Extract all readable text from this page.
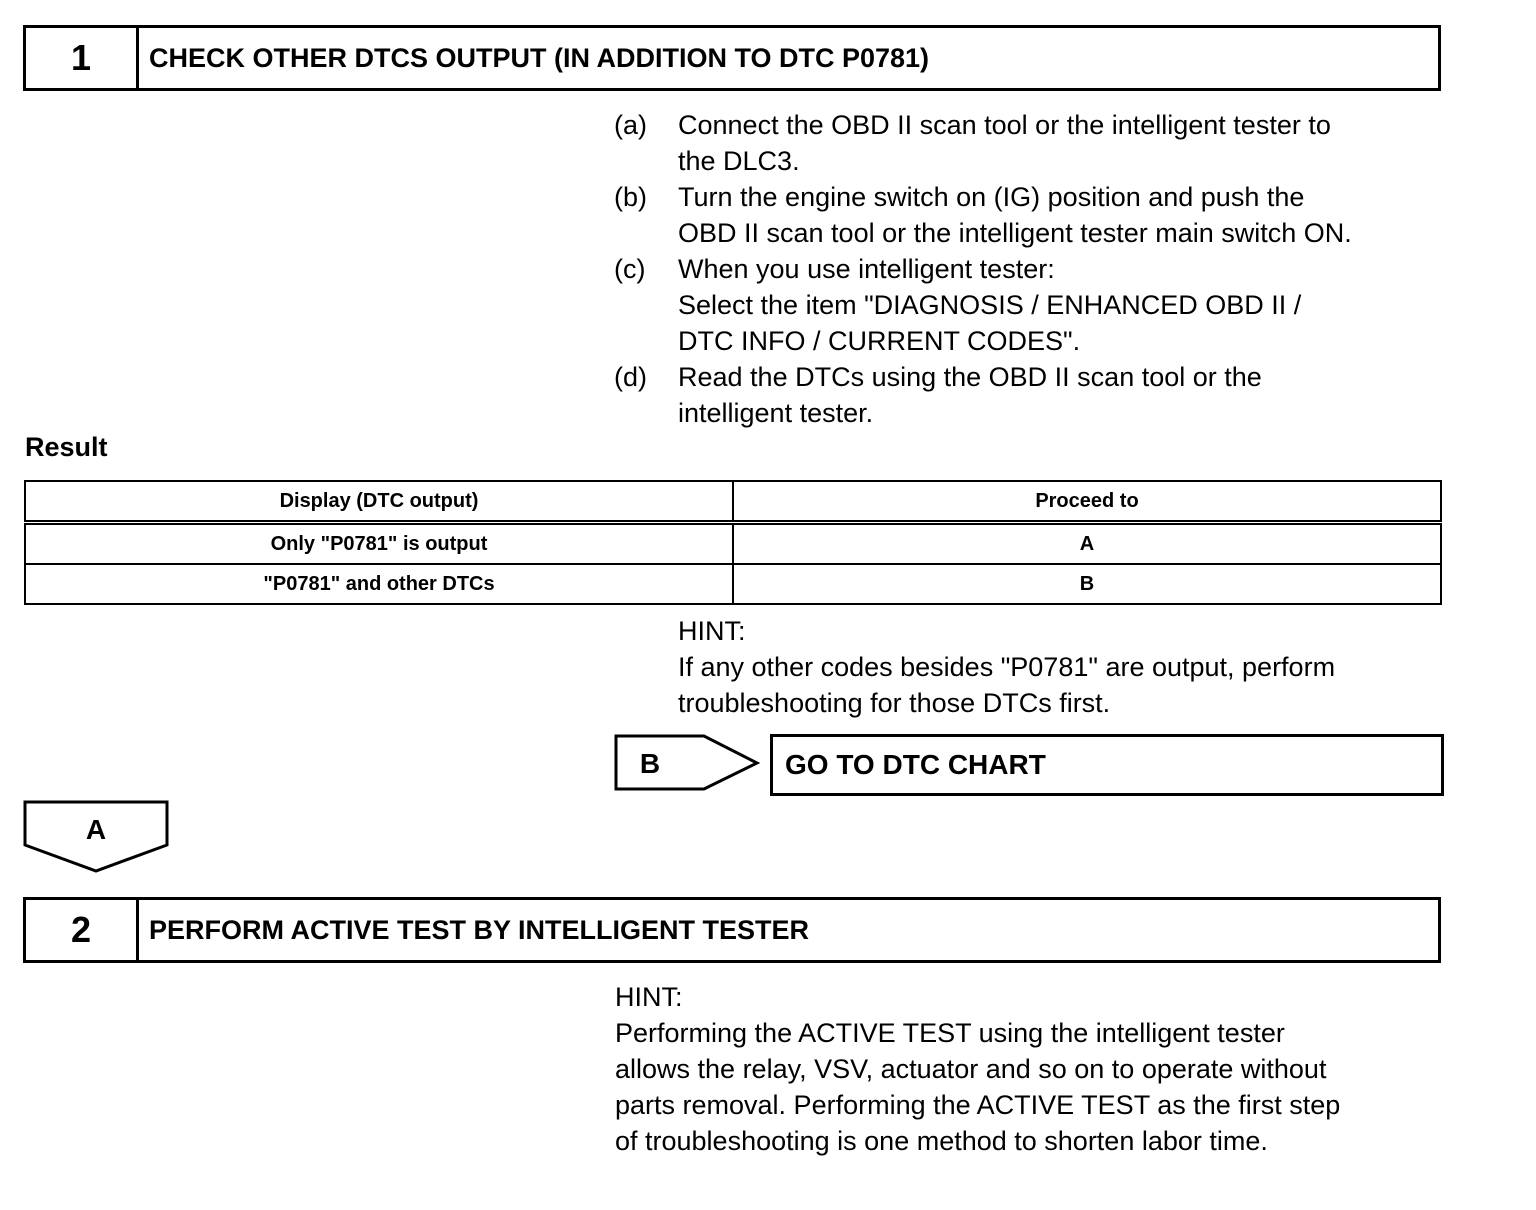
1	CHECK OTHER DTCS OUTPUT (IN ADDITION TO DTC P0781)
(a)	Connect the OBD II scan tool or the intelligent tester to
the DLC3.
(b)	Turn the engine switch on (IG) position and push the
OBD II scan tool or the intelligent tester main switch ON.
(c)	When you use intelligent tester:
Select the item "DIAGNOSIS / ENHANCED OBD II /
DTC INFO / CURRENT CODES".
(d)	Read the DTCs using the OBD II scan tool or the
intelligent tester.
Result
Display (DTC output)	Proceed to
Only "P0781" is output	A
"P0781" and other DTCs	B
HINT:
If any other codes besides "P0781" are output, perform
troubleshooting for those DTCs first.
B	GO TO DTC CHART
A
2	PERFORM ACTIVE TEST BY INTELLIGENT TESTER
HINT:
Performing the ACTIVE TEST using the intelligent tester
allows the relay, VSV, actuator and so on to operate without
parts removal. Performing the ACTIVE TEST as the first step
of troubleshooting is one method to shorten labor time.
